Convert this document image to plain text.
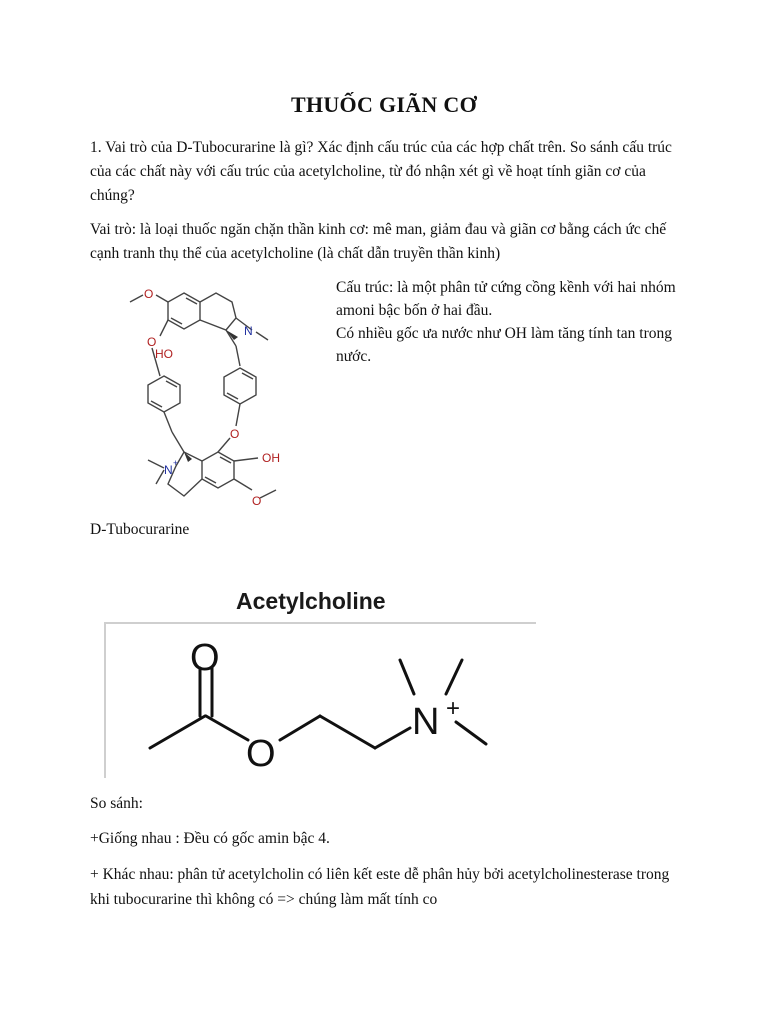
THUỐC GIÃN CƠ
1. Vai trò của D-Tubocurarine là gì? Xác định cấu trúc của các hợp chất trên. So sánh cấu trúc của các chất này với cấu trúc của acetylcholine, từ đó nhận xét gì về hoạt tính giãn cơ của chúng?
Vai trò: là loại thuốc ngăn chặn thần kinh cơ: mê man, giảm đau và giãn cơ bằng cách ức chế cạnh tranh thụ thể của acetylcholine (là chất dẫn truyền thần kinh)
O
O
HO
N
O
N +	OH
O

Cấu trúc: là một phân tử cứng cồng kềnh với hai nhóm amoni bậc bốn ở hai đầu.

Có nhiều gốc ưa nước như OH làm tăng tính tan trong nước.

D-Tubocurarine
Acetylcholine
O
O
N +
So sánh:
+Giống nhau : Đều có gốc amin bậc 4.
+ Khác nhau: phân tử acetylcholin có liên kết este dễ phân hủy bởi acetylcholinesterase trong khi tubocurarine thì không có => chúng làm mất tính co
